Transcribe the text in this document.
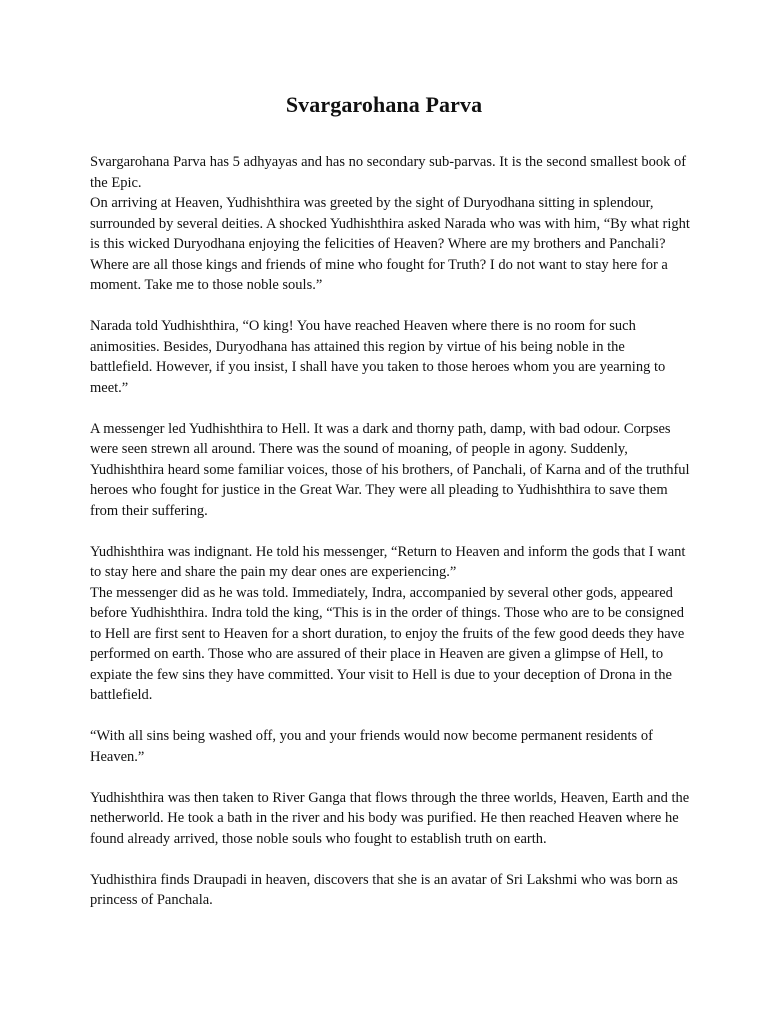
Svargarohana Parva

Svargarohana Parva has 5 adhyayas and has no secondary sub-parvas. It is the second smallest book of the Epic.

On arriving at Heaven, Yudhishthira was greeted by the sight of Duryodhana sitting in splendour, surrounded by several deities. A shocked Yudhishthira asked Narada who was with him, “By what right is this wicked Duryodhana enjoying the felicities of Heaven? Where are my brothers and Panchali? Where are all those kings and friends of mine who fought for Truth? I do not want to stay here for a moment. Take me to those noble souls.”

Narada told Yudhishthira, “O king! You have reached Heaven where there is no room for such animosities. Besides, Duryodhana has attained this region by virtue of his being noble in the battlefield. However, if you insist, I shall have you taken to those heroes whom you are yearning to meet.”

A messenger led Yudhishthira to Hell. It was a dark and thorny path, damp, with bad odour. Corpses were seen strewn all around. There was the sound of moaning, of people in agony. Suddenly, Yudhishthira heard some familiar voices, those of his brothers, of Panchali, of Karna and of the truthful heroes who fought for justice in the Great War. They were all pleading to Yudhishthira to save them from their suffering.

Yudhishthira was indignant. He told his messenger, “Return to Heaven and inform the gods that I want to stay here and share the pain my dear ones are experiencing.”

The messenger did as he was told. Immediately, Indra, accompanied by several other gods, appeared before Yudhishthira. Indra told the king, “This is in the order of things. Those who are to be consigned to Hell are first sent to Heaven for a short duration, to enjoy the fruits of the few good deeds they have performed on earth. Those who are assured of their place in Heaven are given a glimpse of Hell, to expiate the few sins they have committed. Your visit to Hell is due to your deception of Drona in the battlefield.

“With all sins being washed off, you and your friends would now become permanent residents of Heaven.”

Yudhishthira was then taken to River Ganga that flows through the three worlds, Heaven, Earth and the netherworld. He took a bath in the river and his body was purified. He then reached Heaven where he found already arrived, those noble souls who fought to establish truth on earth.

Yudhisthira finds Draupadi in heaven, discovers that she is an avatar of Sri Lakshmi who was born as princess of Panchala.
